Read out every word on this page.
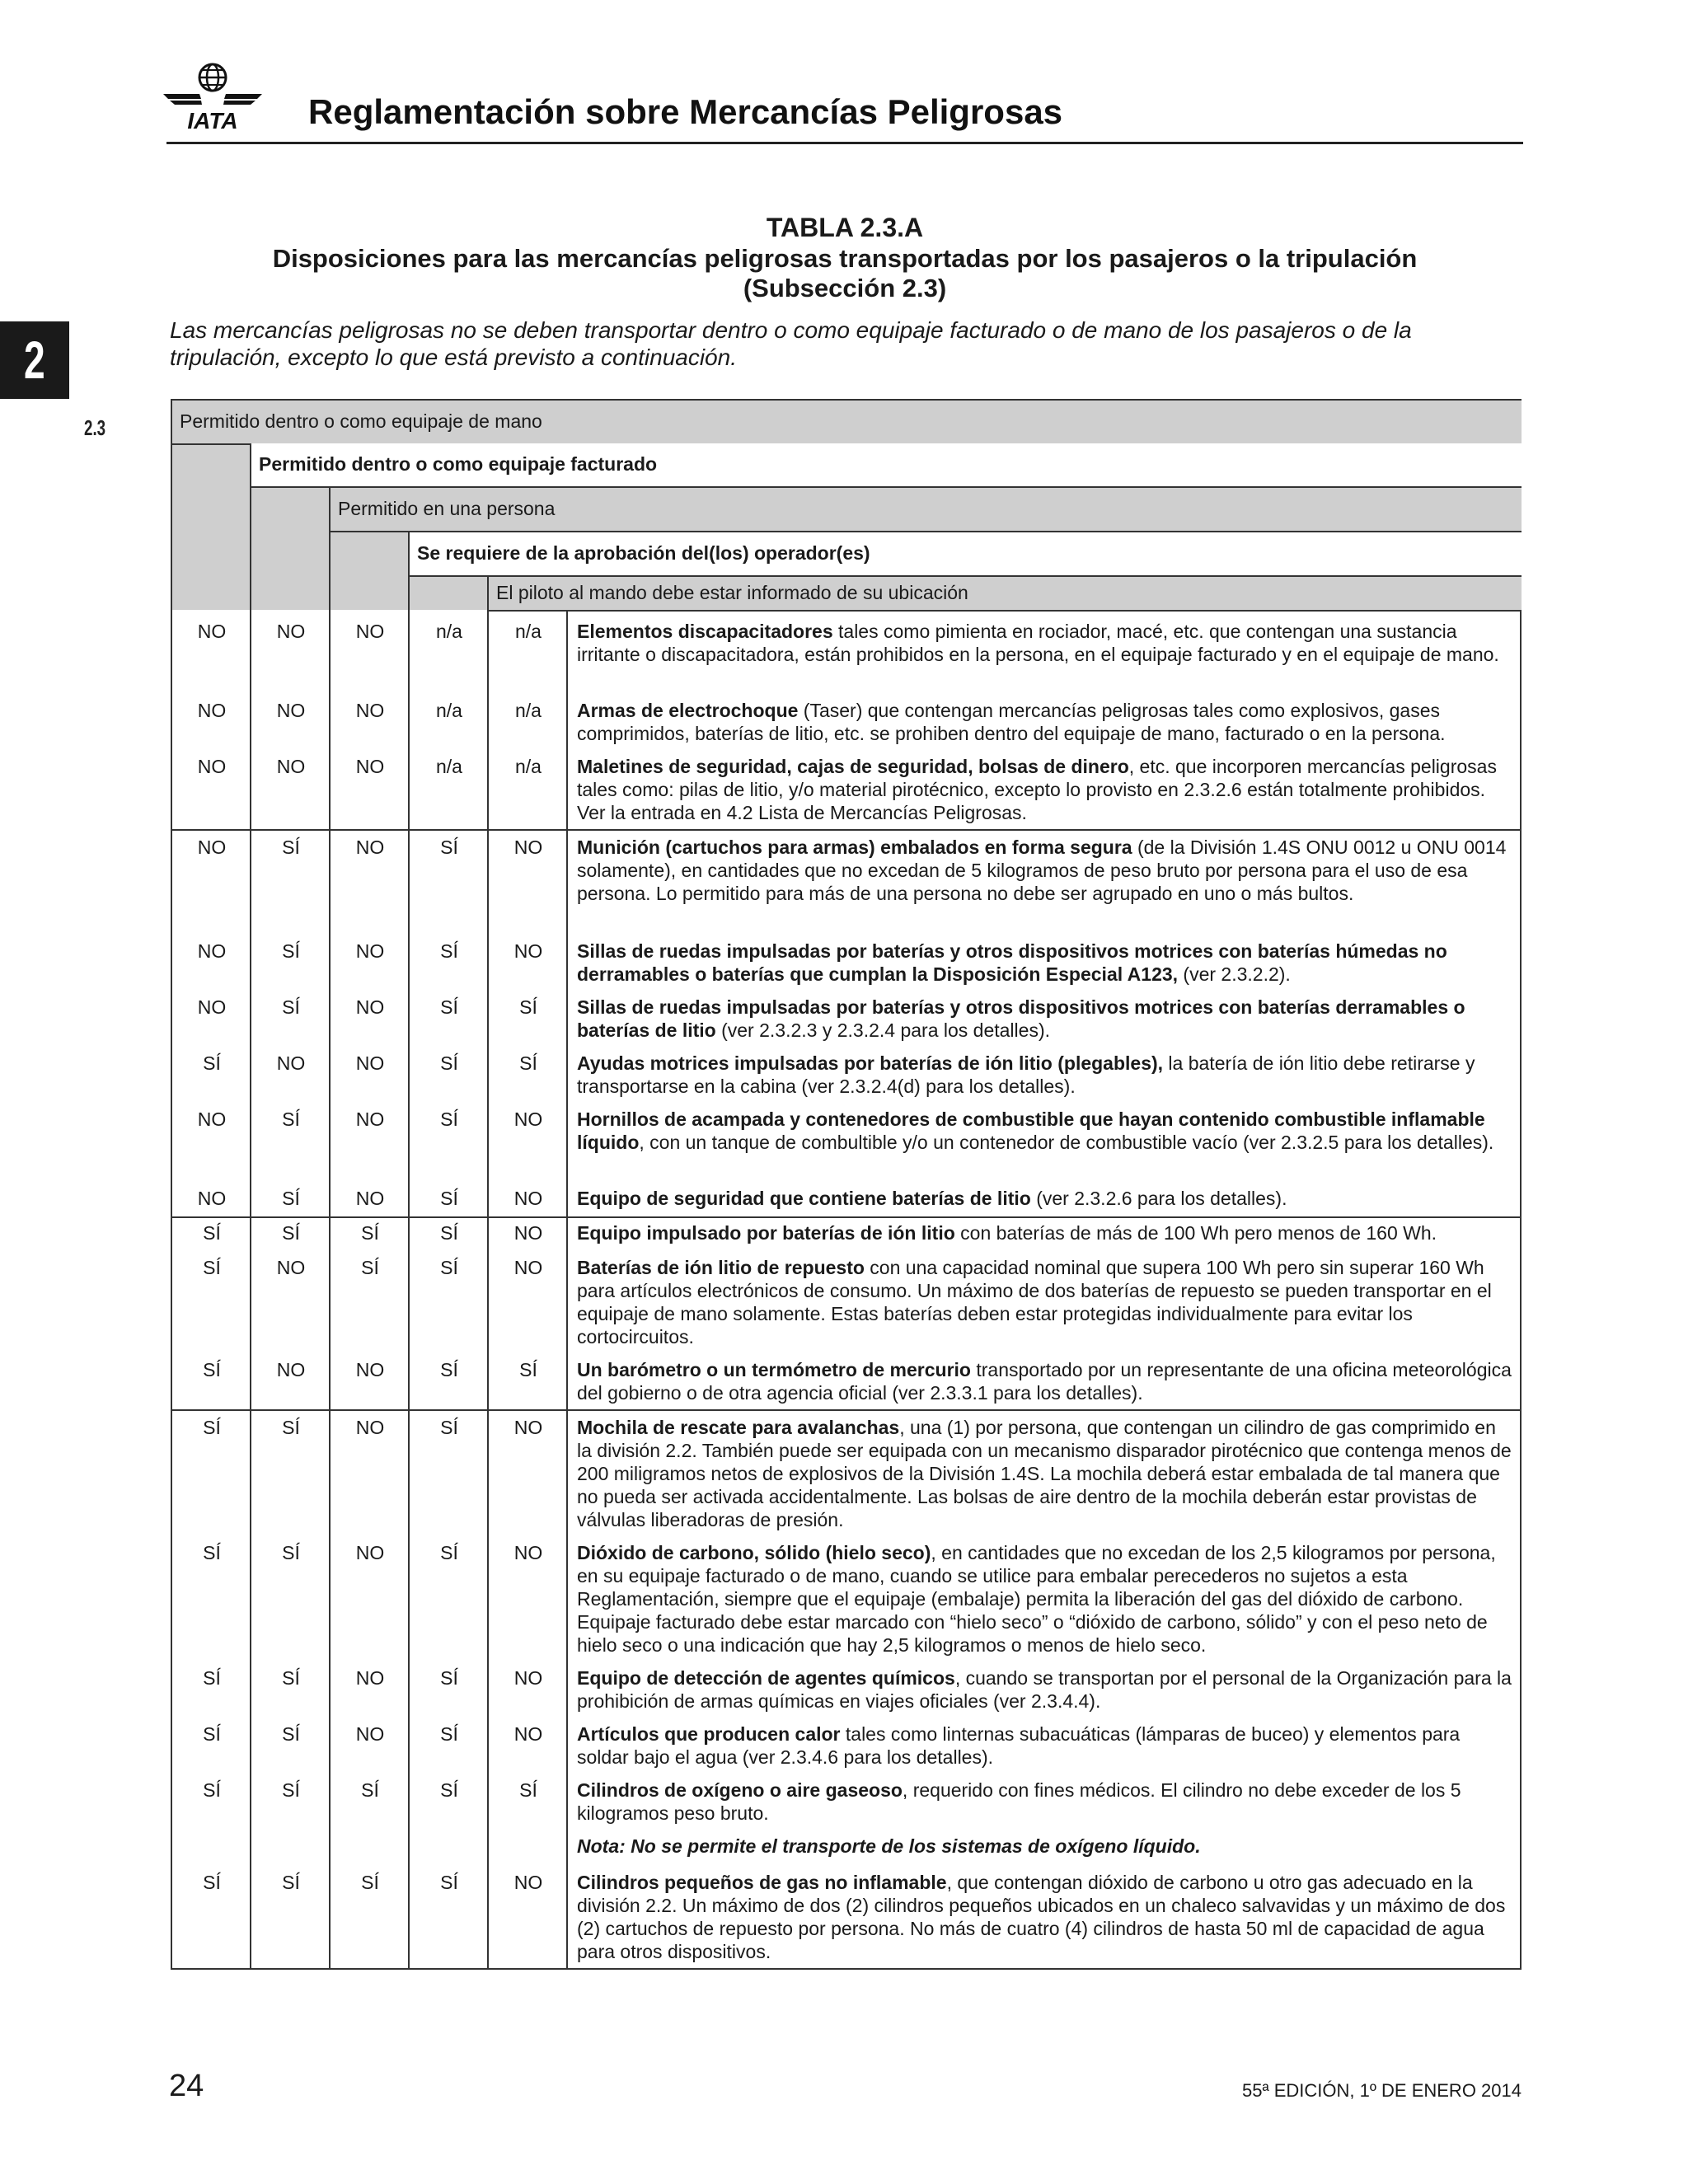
IATA Reglamentación sobre Mercancías Peligrosas
2
2.3
TABLA 2.3.A

Disposiciones para las mercancías peligrosas transportadas por los pasajeros o la tripulación (Subsección 2.3)

Las mercancías peligrosas no se deben transportar dentro o como equipaje facturado o de mano de los pasajeros o de la tripulación, excepto lo que está previsto a continuación.

Permitido dentro o como equipaje de mano
Permitido dentro o como equipaje facturado
Permitido en una persona
Se requiere de la aprobación del(los) operador(es)
El piloto al mando debe estar informado de su ubicación
NO	NO	NO	n/a	n/a	Elementos discapacitadores tales como pimienta en rociador, macé, etc. que contengan una sustancia irritante o discapacitadora, están prohibidos en la persona, en el equipaje facturado y en el equipaje de mano.
NO	NO	NO	n/a	n/a	Armas de electrochoque (Taser) que contengan mercancías peligrosas tales como explosivos, gases comprimidos, baterías de litio, etc. se prohiben dentro del equipaje de mano, facturado o en la persona.
NO	NO	NO	n/a	n/a	Maletines de seguridad, cajas de seguridad, bolsas de dinero, etc. que incorporen mercancías peligrosas tales como: pilas de litio, y/o material pirotécnico, excepto lo provisto en 2.3.2.6 están totalmente prohibidos. Ver la entrada en 4.2 Lista de Mercancías Peligrosas.
NO	SÍ	NO	SÍ	NO	Munición (cartuchos para armas) embalados en forma segura (de la División 1.4S ONU 0012 u ONU 0014 solamente), en cantidades que no excedan de 5 kilogramos de peso bruto por persona para el uso de esa persona. Lo permitido para más de una persona no debe ser agrupado en uno o más bultos.
NO	SÍ	NO	SÍ	NO	Sillas de ruedas impulsadas por baterías y otros dispositivos motrices con baterías húmedas no derramables o baterías que cumplan la Disposición Especial A123, (ver 2.3.2.2).
NO	SÍ	NO	SÍ	SÍ	Sillas de ruedas impulsadas por baterías y otros dispositivos motrices con baterías derramables o baterías de litio (ver 2.3.2.3 y 2.3.2.4 para los detalles).
SÍ	NO	NO	SÍ	SÍ	Ayudas motrices impulsadas por baterías de ión litio (plegables), la batería de ión litio debe retirarse y transportarse en la cabina (ver 2.3.2.4(d) para los detalles).
NO	SÍ	NO	SÍ	NO	Hornillos de acampada y contenedores de combustible que hayan contenido combustible inflamable líquido, con un tanque de combultible y/o un contenedor de combustible vacío (ver 2.3.2.5 para los detalles).
NO	SÍ	NO	SÍ	NO	Equipo de seguridad que contiene baterías de litio (ver 2.3.2.6 para los detalles).
SÍ	SÍ	SÍ	SÍ	NO	Equipo impulsado por baterías de ión litio con baterías de más de 100 Wh pero menos de 160 Wh.
SÍ	NO	SÍ	SÍ	NO	Baterías de ión litio de repuesto con una capacidad nominal que supera 100 Wh pero sin superar 160 Wh para artículos electrónicos de consumo. Un máximo de dos baterías de repuesto se pueden transportar en el equipaje de mano solamente. Estas baterías deben estar protegidas individualmente para evitar los cortocircuitos.
SÍ	NO	NO	SÍ	SÍ	Un barómetro o un termómetro de mercurio transportado por un representante de una oficina meteorológica del gobierno o de otra agencia oficial (ver 2.3.3.1 para los detalles).
SÍ	SÍ	NO	SÍ	NO	Mochila de rescate para avalanchas, una (1) por persona, que contengan un cilindro de gas comprimido en la división 2.2. También puede ser equipada con un mecanismo disparador pirotécnico que contenga menos de 200 miligramos netos de explosivos de la División 1.4S. La mochila deberá estar embalada de tal manera que no pueda ser activada accidentalmente. Las bolsas de aire dentro de la mochila deberán estar provistas de válvulas liberadoras de presión.
SÍ	SÍ	NO	SÍ	NO	Dióxido de carbono, sólido (hielo seco), en cantidades que no excedan de los 2,5 kilogramos por persona, en su equipaje facturado o de mano, cuando se utilice para embalar perecederos no sujetos a esta Reglamentación, siempre que el equipaje (embalaje) permita la liberación del gas del dióxido de carbono. Equipaje facturado debe estar marcado con “hielo seco” o “dióxido de carbono, sólido” y con el peso neto de hielo seco o una indicación que hay 2,5 kilogramos o menos de hielo seco.
SÍ	SÍ	NO	SÍ	NO	Equipo de detección de agentes químicos, cuando se transportan por el personal de la Organización para la prohibición de armas químicas en viajes oficiales (ver 2.3.4.4).
SÍ	SÍ	NO	SÍ	NO	Artículos que producen calor tales como linternas subacuáticas (lámparas de buceo) y elementos para soldar bajo el agua (ver 2.3.4.6 para los detalles).
SÍ	SÍ	SÍ	SÍ	SÍ	Cilindros de oxígeno o aire gaseoso, requerido con fines médicos. El cilindro no debe exceder de los 5 kilogramos peso bruto.
Nota: No se permite el transporte de los sistemas de oxígeno líquido.
SÍ	SÍ	SÍ	SÍ	NO	Cilindros pequeños de gas no inflamable, que contengan dióxido de carbono u otro gas adecuado en la división 2.2. Un máximo de dos (2) cilindros pequeños ubicados en un chaleco salvavidas y un máximo de dos (2) cartuchos de repuesto por persona. No más de cuatro (4) cilindros de hasta 50 ml de capacidad de agua para otros dispositivos.

24	55ª EDICIÓN, 1º DE ENERO 2014
